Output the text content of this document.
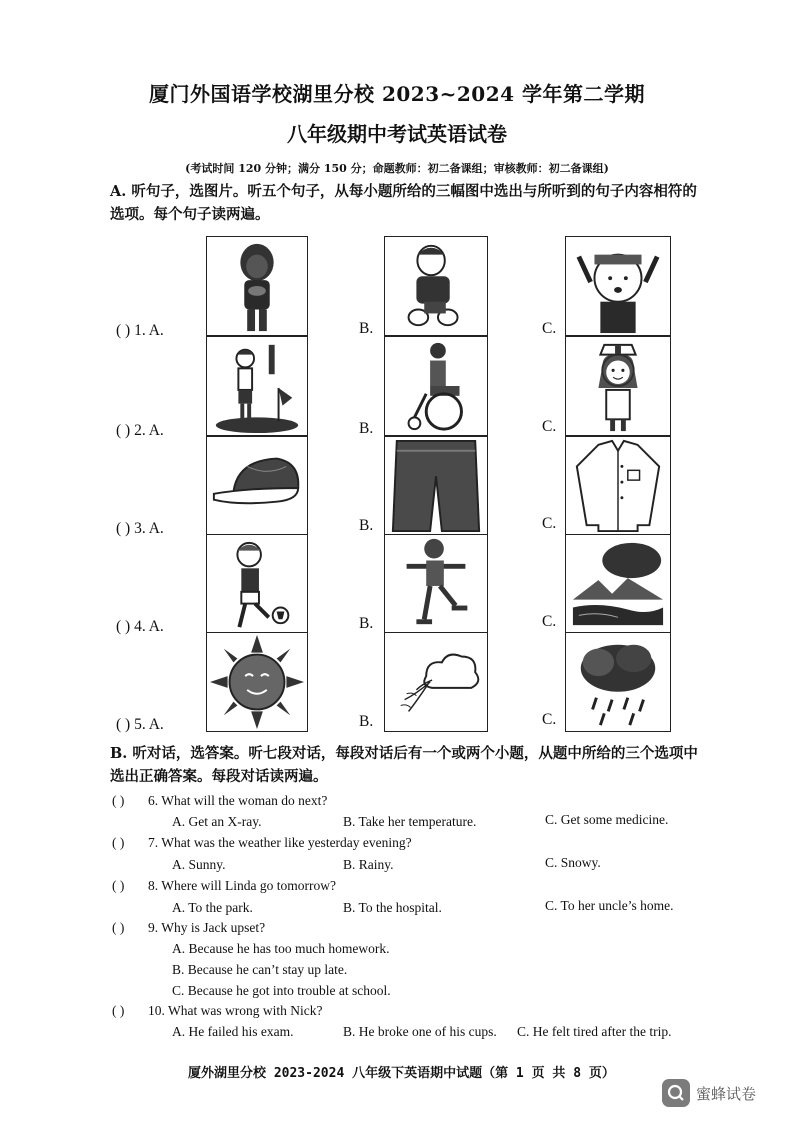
厦门外国语学校湖里分校 2023~2024 学年第二学期
八年级期中考试英语试卷
(考试时间 120 分钟；满分 150 分；命题教师：初二备课组；审核教师：初二备课组)
A. 听句子，选图片。听五个句子，从每小题所给的三幅图中选出与所听到的句子内容相符的选项。每个句子读两遍。
( ) 1. A.	B.	C.
( ) 2. A.	B.	C.
( ) 3. A.	B.	C.
( ) 4. A.	B.	C.
( ) 5. A.	B.	C.
B. 听对话，选答案。听七段对话，每段对话后有一个或两个小题，从题中所给的三个选项中选出正确答案。每段对话读两遍。
( ) 6. What will the woman do next?
A. Get an X-ray.	B. Take her temperature.	C. Get some medicine.
( ) 7. What was the weather like yesterday evening?
A. Sunny.	B. Rainy.	C. Snowy.
( ) 8. Where will Linda go tomorrow?
A. To the park.	B. To the hospital.	C. To her uncle’s home.
( ) 9. Why is Jack upset?
A. Because he has too much homework.
B. Because he can’t stay up late.
C. Because he got into trouble at school.
( ) 10. What was wrong with Nick?
A. He failed his exam.	B. He broke one of his cups. C. He felt tired after the trip.
厦外湖里分校 2023-2024 八年级下英语期中试题（第 1 页 共 8 页）
蜜蜂试卷
